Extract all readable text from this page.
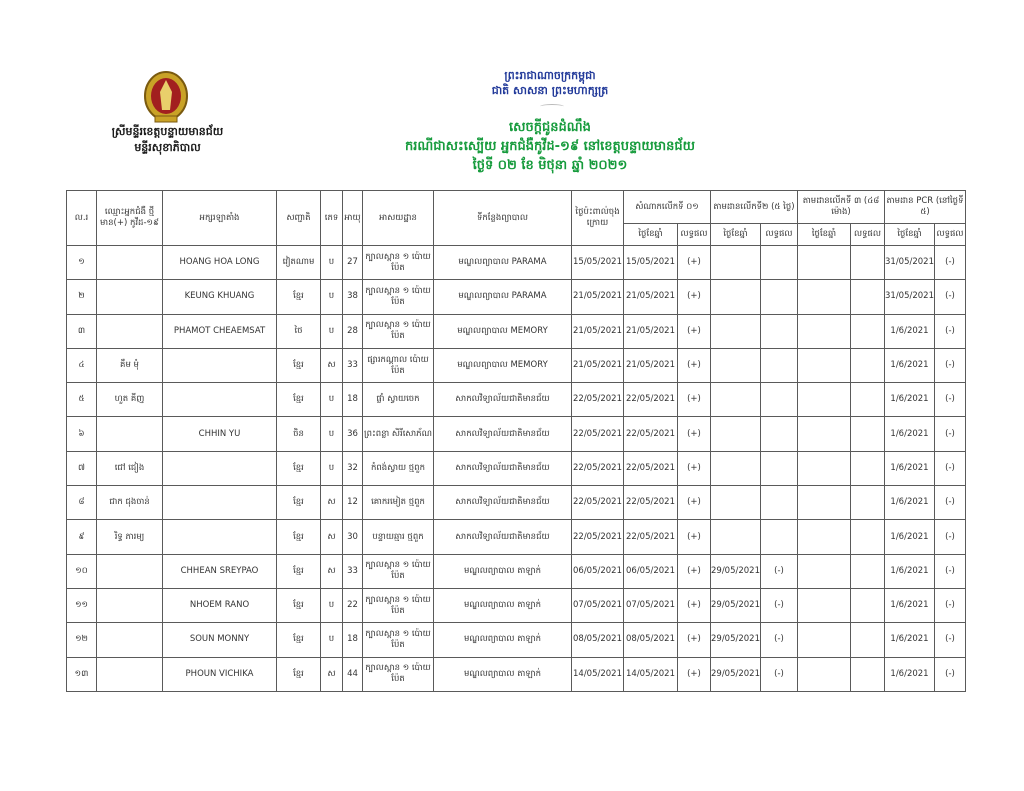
ស្រីមន្ទីរខេត្តបន្ទាយមានជ័យ
មន្ទីរសុខាភិបាល
ព្រះរាជាណាចក្រកម្ពុជា
ជាតិ សាសនា ព្រះមហាក្សត្រ
សេចក្តីជូនដំណឹង
ករណីជាសះស្បើយ អ្នកជំងឺកូវីដ-១៩ នៅខេត្តបន្ទាយមានជ័យ
ថ្ងៃទី ០២ ខែ មិថុនា ឆ្នាំ ២០២១
ល.រ	ឈ្មោះអ្នកជំងឺ ថ្មីមាន(+) កូវីដ-១៩	អក្សរឡាតាំង	សញ្ជាតិ	ភេទ	អាយុ	អាសយដ្ឋាន	ទីកន្លែងព្យាបាល	ថ្ងៃប៉ះពាល់ចុងក្រោយ	សំណាកលើកទី ០១		តាមដានលើកទី២ (៥ ថ្ងៃ)		តាមដានលើកទី ៣ (៤៨ ម៉ោង)		តាមដាន PCR (នៅថ្ងៃទី ៥)	
									ថ្ងៃខែឆ្នាំ	លទ្ធផល	ថ្ងៃខែឆ្នាំ	លទ្ធផល	ថ្ងៃខែឆ្នាំ	លទ្ធផល	ថ្ងៃខែឆ្នាំ	លទ្ធផល
១		HOANG HOA LONG	វៀតណាម	ប	27	ក្បាលស្ពាន ១ ប៉ោយប៉ែត	មណ្ឌលព្យាបាល PARAMA	15/05/2021	15/05/2021	(+)					31/05/2021	(-)
២		KEUNG KHUANG	ខ្មែរ	ប	38	ក្បាលស្ពាន ១ ប៉ោយប៉ែត	មណ្ឌលព្យាបាល PARAMA	21/05/2021	21/05/2021	(+)					31/05/2021	(-)
៣		PHAMOT CHEAEMSAT	ថៃ	ប	28	ក្បាលស្ពាន ១ ប៉ោយប៉ែត	មណ្ឌលព្យាបាល MEMORY	21/05/2021	21/05/2021	(+)					1/6/2021	(-)
៤	គឹម មុំ		ខ្មែរ	ស	33	ផ្សារកណ្តាល ប៉ោយប៉ែត	មណ្ឌលព្យាបាល MEMORY	21/05/2021	21/05/2021	(+)					1/6/2021	(-)
៥	ហួត គីញ		ខ្មែរ	ប	18	ផ្លាំ ស្វាយចេក	សាកលវិទ្យាល័យជាតិមានជ័យ	22/05/2021	22/05/2021	(+)					1/6/2021	(-)
៦		CHHIN YU	ចិន	ប	36	ព្រះពន្លា សិរីសោភ័ណ	សាកលវិទ្យាល័យជាតិមានជ័យ	22/05/2021	22/05/2021	(+)					1/6/2021	(-)
៧	ជៅ ជៀង		ខ្មែរ	ប	32	កំពង់ស្វាយ ថ្មពួក	សាកលវិទ្យាល័យជាតិមានជ័យ	22/05/2021	22/05/2021	(+)					1/6/2021	(-)
៨	ជាក ជុងចាន់		ខ្មែរ	ស	12	គោករមៀត ថ្មពួក	សាកលវិទ្យាល័យជាតិមានជ័យ	22/05/2021	22/05/2021	(+)					1/6/2021	(-)
៩	រិទ្ធ ភារម្យ		ខ្មែរ	ស	30	បន្ទាយឆ្មារ ថ្មពួក	សាកលវិទ្យាល័យជាតិមានជ័យ	22/05/2021	22/05/2021	(+)					1/6/2021	(-)
១០		CHHEAN SREYPAO	ខ្មែរ	ស	33	ក្បាលស្ពាន ១ ប៉ោយប៉ែត	មណ្ឌលព្យាបាល តាឡាក់	06/05/2021	06/05/2021	(+)	29/05/2021	(-)			1/6/2021	(-)
១១		NHOEM RANO	ខ្មែរ	ប	22	ក្បាលស្ពាន ១ ប៉ោយប៉ែត	មណ្ឌលព្យាបាល តាឡាក់	07/05/2021	07/05/2021	(+)	29/05/2021	(-)			1/6/2021	(-)
១២		SOUN MONNY	ខ្មែរ	ប	18	ក្បាលស្ពាន ១ ប៉ោយប៉ែត	មណ្ឌលព្យាបាល តាឡាក់	08/05/2021	08/05/2021	(+)	29/05/2021	(-)			1/6/2021	(-)
១៣		PHOUN VICHIKA	ខ្មែរ	ស	44	ក្បាលស្ពាន ១ ប៉ោយប៉ែត	មណ្ឌលព្យាបាល តាឡាក់	14/05/2021	14/05/2021	(+)	29/05/2021	(-)			1/6/2021	(-)
